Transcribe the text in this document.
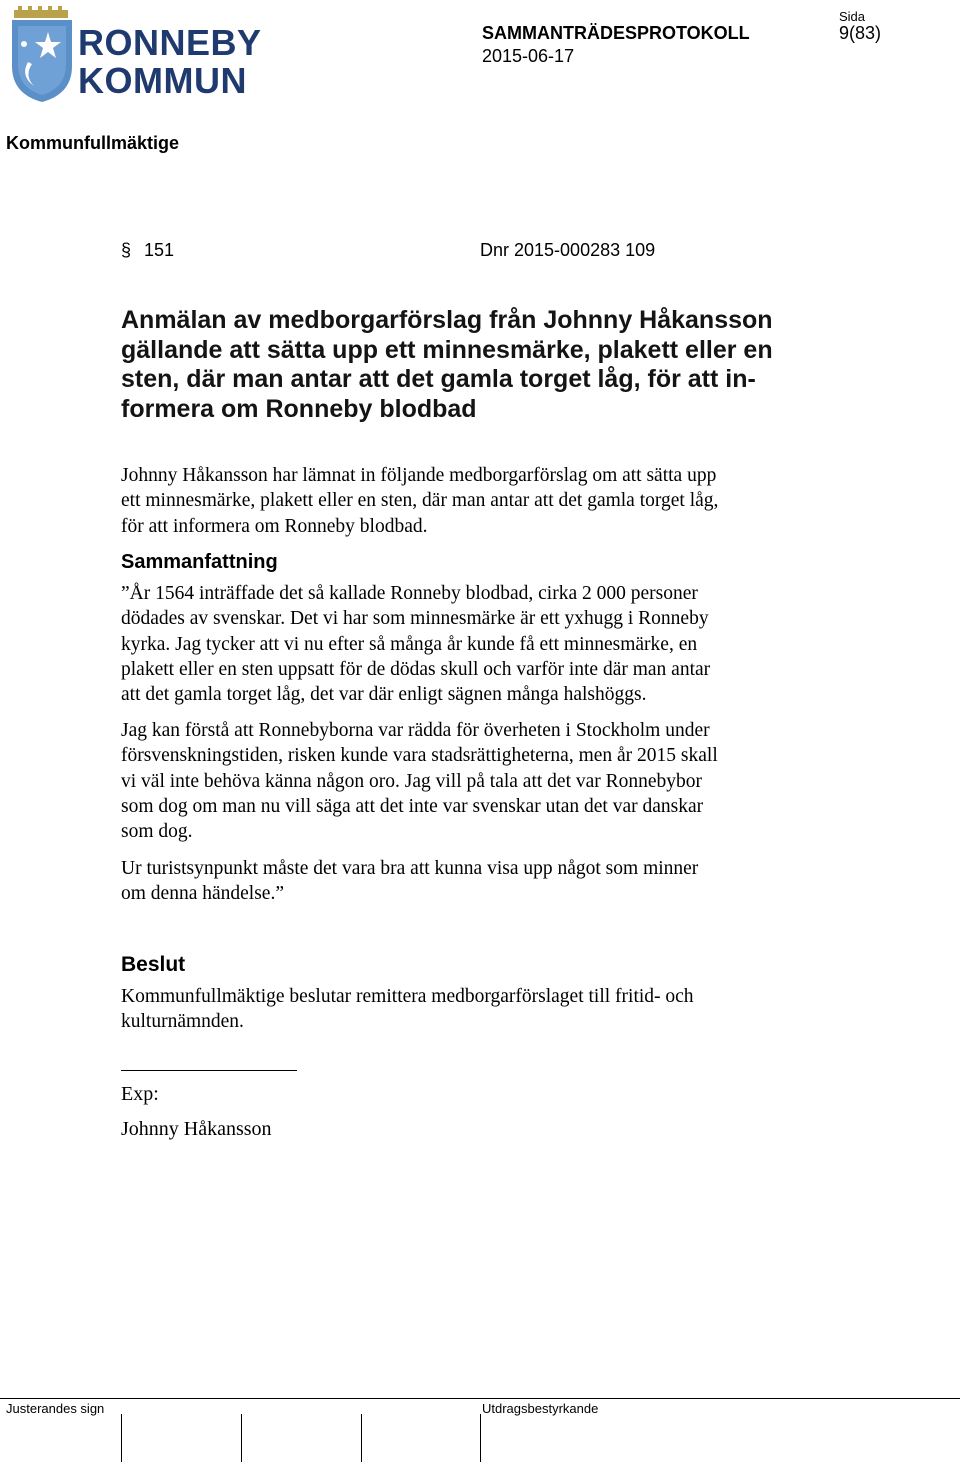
RONNEBY
KOMMUN
SAMMANTRÄDESPROTOKOLL
2015-06-17
Sida
9(83)
Kommunfullmäktige
§ 151	Dnr 2015-000283 109
Anmälan av medborgarförslag från Johnny Håkansson
gällande att sätta upp ett minnesmärke, plakett eller en
sten, där man antar att det gamla torget låg, för att in-
formera om Ronneby blodbad
Johnny Håkansson har lämnat in följande medborgarförslag om att sätta upp
ett minnesmärke, plakett eller en sten, där man antar att det gamla torget låg,
för att informera om Ronneby blodbad.
Sammanfattning
”År 1564 inträffade det så kallade Ronneby blodbad, cirka 2 000 personer
dödades av svenskar. Det vi har som minnesmärke är ett yxhugg i Ronneby
kyrka. Jag tycker att vi nu efter så många år kunde få ett minnesmärke, en
plakett eller en sten uppsatt för de dödas skull och varför inte där man antar
att det gamla torget låg, det var där enligt sägnen många halshöggs.
Jag kan förstå att Ronnebyborna var rädda för överheten i Stockholm under
försvenskningstiden, risken kunde vara stadsrättigheterna, men år 2015 skall
vi väl inte behöva känna någon oro. Jag vill på tala att det var Ronnebybor
som dog om man nu vill säga att det inte var svenskar utan det var danskar
som dog.
Ur turistsynpunkt måste det vara bra att kunna visa upp något som minner
om denna händelse.”
Beslut
Kommunfullmäktige beslutar remittera medborgarförslaget till fritid- och
kulturnämnden.
Exp:
Johnny Håkansson
Justerandes sign	Utdragsbestyrkande
